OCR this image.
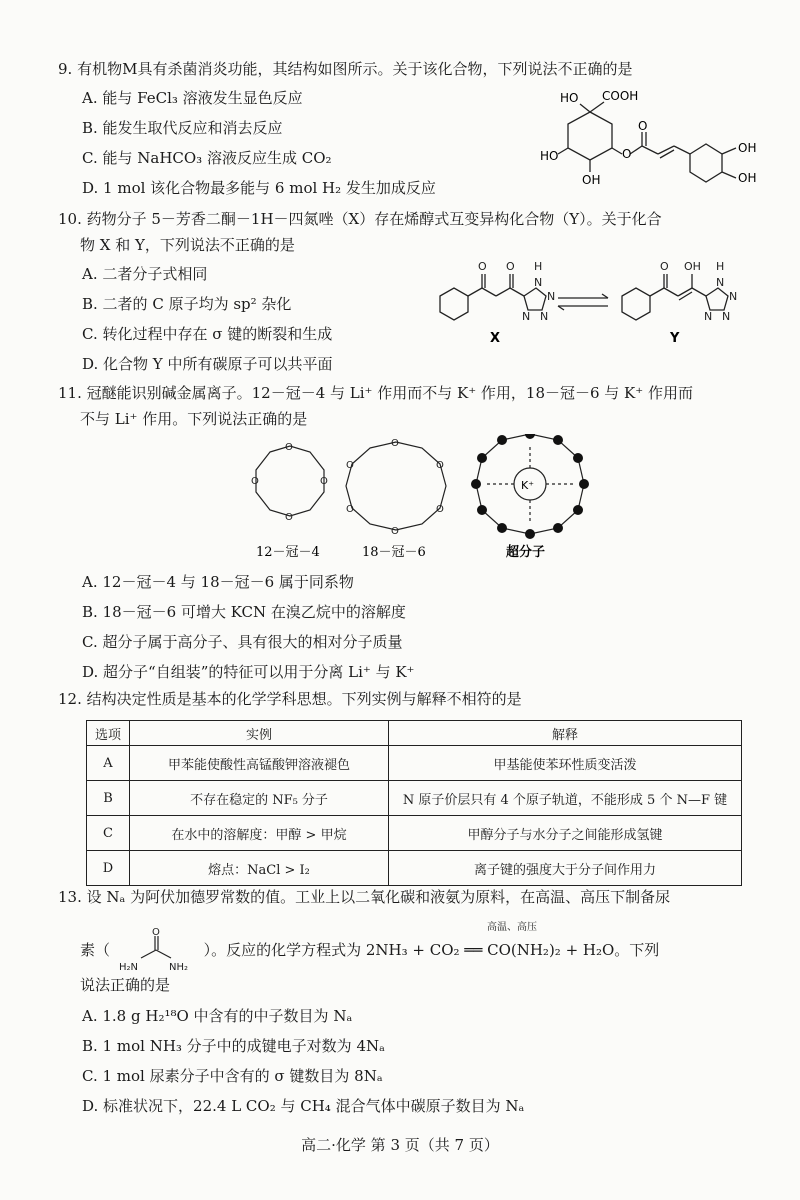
9. 有机物M具有杀菌消炎功能，其结构如图所示。关于该化合物，下列说法不正确的是
A. 能与 FeCl₃ 溶液发生显色反应
B. 能发生取代反应和消去反应
C. 能与 NaHCO₃ 溶液反应生成 CO₂
D. 1 mol 该化合物最多能与 6 mol H₂ 发生加成反应
HO COOH
HO
OH
O
O
OH
OH
10. 药物分子 5－芳香二酮－1H－四氮唑（X）存在烯醇式互变异构化合物（Y）。关于化合
物 X 和 Y，下列说法不正确的是
A. 二者分子式相同
B. 二者的 C 原子均为 sp² 杂化
C. 转化过程中存在 σ 键的断裂和生成
D. 化合物 Y 中所有碳原子可以共平面
O O H
N
N
N
N
O OH H
N
N
N
N
X	Y
11. 冠醚能识别碱金属离子。12－冠－4 与 Li⁺ 作用而不与 K⁺ 作用，18－冠－6 与 K⁺ 作用而
不与 Li⁺ 作用。下列说法正确的是
O
O
O
O
O
O
O
O
O
O
K⁺
12－冠－4	18－冠－6	超分子
A. 12－冠－4 与 18－冠－6 属于同系物
B. 18－冠－6 可增大 KCN 在溴乙烷中的溶解度
C. 超分子属于高分子、具有很大的相对分子质量
D. 超分子“自组装”的特征可以用于分离 Li⁺ 与 K⁺
12. 结构决定性质是基本的化学学科思想。下列实例与解释不相符的是
选项	实例	解释
A	甲苯能使酸性高锰酸钾溶液褪色	甲基能使苯环性质变活泼
B	不存在稳定的 NF₅ 分子	N 原子价层只有 4 个原子轨道，不能形成 5 个 N—F 键
C	在水中的溶解度：甲醇 > 甲烷	甲醇分子与水分子之间能形成氢键
D	熔点：NaCl > I₂	离子键的强度大于分子间作用力
13. 设 Nₐ 为阿伏加德罗常数的值。工业上以二氧化碳和液氨为原料，在高温、高压下制备尿
素（
O
H₂N	NH₂
）。反应的化学方程式为 2NH₃ + CO₂ ══ CO(NH₂)₂ + H₂O。下列
高温、高压
说法正确的是
A. 1.8 g H₂¹⁸O 中含有的中子数目为 Nₐ
B. 1 mol NH₃ 分子中的成键电子对数为 4Nₐ
C. 1 mol 尿素分子中含有的 σ 键数目为 8Nₐ
D. 标准状况下，22.4 L CO₂ 与 CH₄ 混合气体中碳原子数目为 Nₐ
高二·化学 第 3 页（共 7 页）
